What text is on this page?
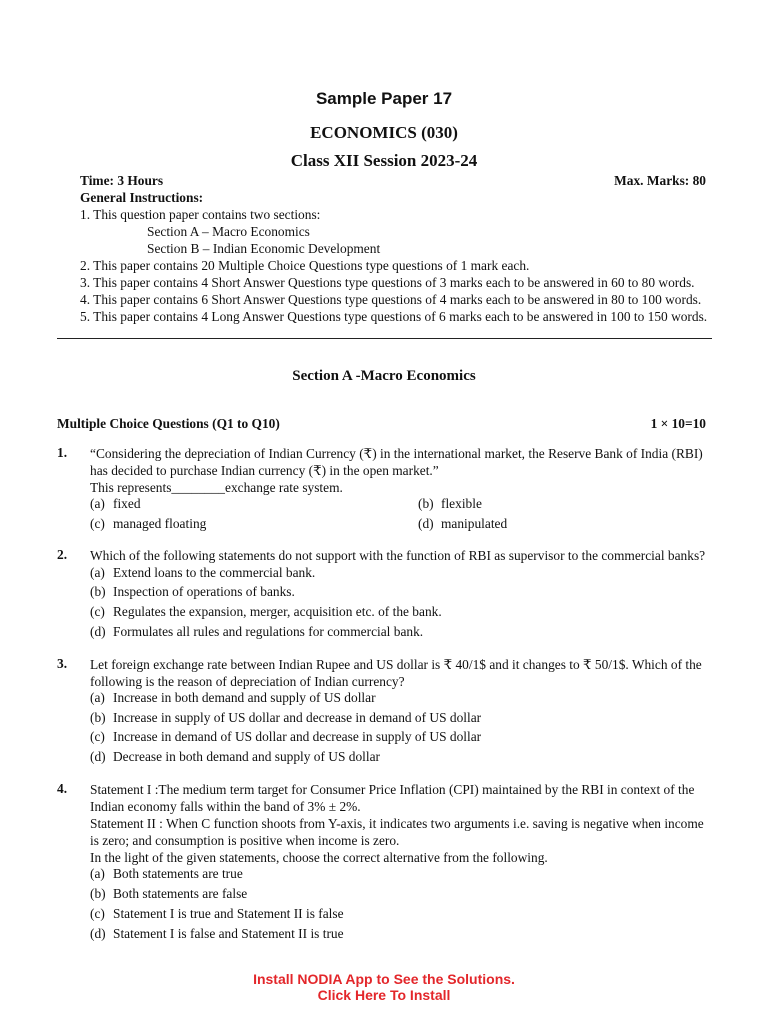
Sample Paper 17
ECONOMICS (030)
Class XII Session 2023-24
Time: 3 Hours	Max. Marks: 80
General Instructions:
1. This question paper contains two sections:
Section A – Macro Economics
Section B – Indian Economic Development
2. This paper contains 20 Multiple Choice Questions type questions of 1 mark each.
3. This paper contains 4 Short Answer Questions type questions of 3 marks each to be answered in 60 to 80 words.
4. This paper contains 6 Short Answer Questions type questions of 4 marks each to be answered in 80 to 100 words.
5. This paper contains 4 Long Answer Questions type questions of 6 marks each to be answered in 100 to 150 words.
Section A -Macro Economics
Multiple Choice Questions (Q1 to Q10)	1 × 10=10
1. “Considering the depreciation of Indian Currency (₹) in the international market, the Reserve Bank of India (RBI)
has decided to purchase Indian currency (₹) in the open market.”
This represents________exchange rate system.
(a) fixed	(b) flexible
(c) managed floating	(d) manipulated
2. Which of the following statements do not support with the function of RBI as supervisor to the commercial banks?
(a) Extend loans to the commercial bank.
(b) Inspection of operations of banks.
(c) Regulates the expansion, merger, acquisition etc. of the bank.
(d) Formulates all rules and regulations for commercial bank.
3. Let foreign exchange rate between Indian Rupee and US dollar is ₹ 40/1$ and it changes to ₹ 50/1$. Which of the
following is the reason of depreciation of Indian currency?
(a) Increase in both demand and supply of US dollar
(b) Increase in supply of US dollar and decrease in demand of US dollar
(c) Increase in demand of US dollar and decrease in supply of US dollar
(d) Decrease in both demand and supply of US dollar
4. Statement I :The medium term target for Consumer Price Inflation (CPI) maintained by the RBI in context of the
Indian economy falls within the band of 3% ± 2%.
Statement II : When C function shoots from Y-axis, it indicates two arguments i.e. saving is negative when income
is zero; and consumption is positive when income is zero.
In the light of the given statements, choose the correct alternative from the following.
(a) Both statements are true
(b) Both statements are false
(c) Statement I is true and Statement II is false
(d) Statement I is false and Statement II is true
Install NODIA App to See the Solutions.
Click Here To Install
